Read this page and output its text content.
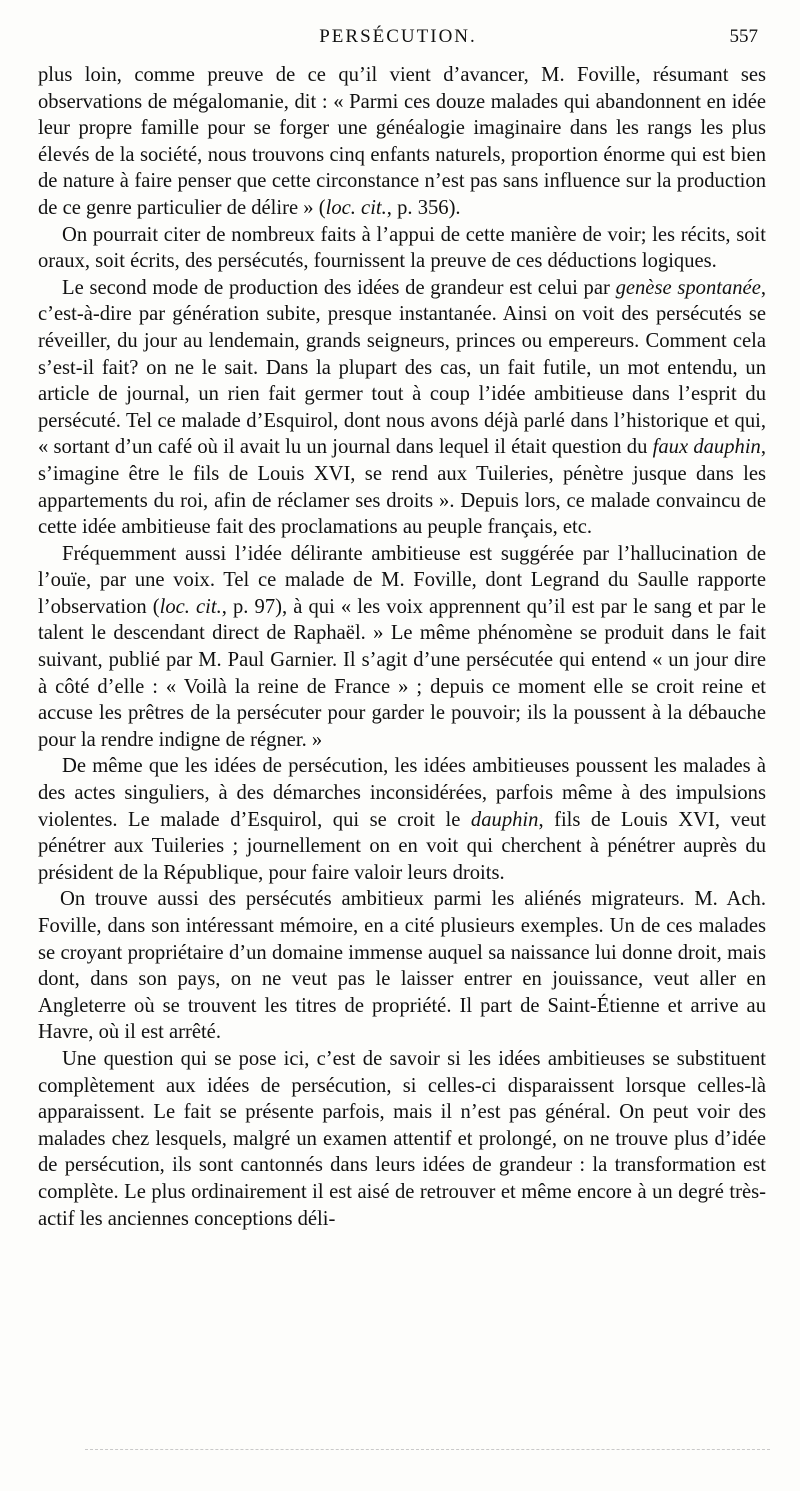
PERSÉCUTION.	557

plus loin, comme preuve de ce qu’il vient d’avancer, M. Foville, résumant ses observations de mégalomanie, dit : « Parmi ces douze malades qui abandonnent en idée leur propre famille pour se forger une généalogie imaginaire dans les rangs les plus élevés de la société, nous trouvons cinq enfants naturels, proportion énorme qui est bien de nature à faire penser que cette circonstance n’est pas sans influence sur la production de ce genre particulier de délire » (loc. cit., p. 356).

On pourrait citer de nombreux faits à l’appui de cette manière de voir; les récits, soit oraux, soit écrits, des persécutés, fournissent la preuve de ces déductions logiques.

Le second mode de production des idées de grandeur est celui par genèse spontanée, c’est-à-dire par génération subite, presque instantanée. Ainsi on voit des persécutés se réveiller, du jour au lendemain, grands seigneurs, princes ou empereurs. Comment cela s’est-il fait? on ne le sait. Dans la plupart des cas, un fait futile, un mot entendu, un article de journal, un rien fait germer tout à coup l’idée ambitieuse dans l’esprit du persécuté. Tel ce malade d’Esquirol, dont nous avons déjà parlé dans l’historique et qui, « sortant d’un café où il avait lu un journal dans lequel il était question du faux dauphin, s’imagine être le fils de Louis XVI, se rend aux Tuileries, pénètre jusque dans les appartements du roi, afin de réclamer ses droits ». Depuis lors, ce malade convaincu de cette idée ambitieuse fait des proclamations au peuple français, etc.

Fréquemment aussi l’idée délirante ambitieuse est suggérée par l’hallucination de l’ouïe, par une voix. Tel ce malade de M. Foville, dont Legrand du Saulle rapporte l’observation (loc. cit., p. 97), à qui « les voix apprennent qu’il est par le sang et par le talent le descendant direct de Raphaël. » Le même phénomène se produit dans le fait suivant, publié par M. Paul Garnier. Il s’agit d’une persécutée qui entend « un jour dire à côté d’elle : « Voilà la reine de France » ; depuis ce moment elle se croit reine et accuse les prêtres de la persécuter pour garder le pouvoir; ils la poussent à la débauche pour la rendre indigne de régner. »

De même que les idées de persécution, les idées ambitieuses poussent les malades à des actes singuliers, à des démarches inconsidérées, parfois même à des impulsions violentes. Le malade d’Esquirol, qui se croit le dauphin, fils de Louis XVI, veut pénétrer aux Tuileries ; journellement on en voit qui cherchent à pénétrer auprès du président de la République, pour faire valoir leurs droits.

On trouve aussi des persécutés ambitieux parmi les aliénés migrateurs. M. Ach. Foville, dans son intéressant mémoire, en a cité plusieurs exemples. Un de ces malades se croyant propriétaire d’un domaine immense auquel sa naissance lui donne droit, mais dont, dans son pays, on ne veut pas le laisser entrer en jouissance, veut aller en Angleterre où se trouvent les titres de propriété. Il part de Saint-Étienne et arrive au Havre, où il est arrêté.

Une question qui se pose ici, c’est de savoir si les idées ambitieuses se substituent complètement aux idées de persécution, si celles-ci disparaissent lorsque celles-là apparaissent. Le fait se présente parfois, mais il n’est pas général. On peut voir des malades chez lesquels, malgré un examen attentif et prolongé, on ne trouve plus d’idée de persécution, ils sont cantonnés dans leurs idées de grandeur : la transformation est complète. Le plus ordinairement il est aisé de retrouver et même encore à un degré très-actif les anciennes conceptions déli-
